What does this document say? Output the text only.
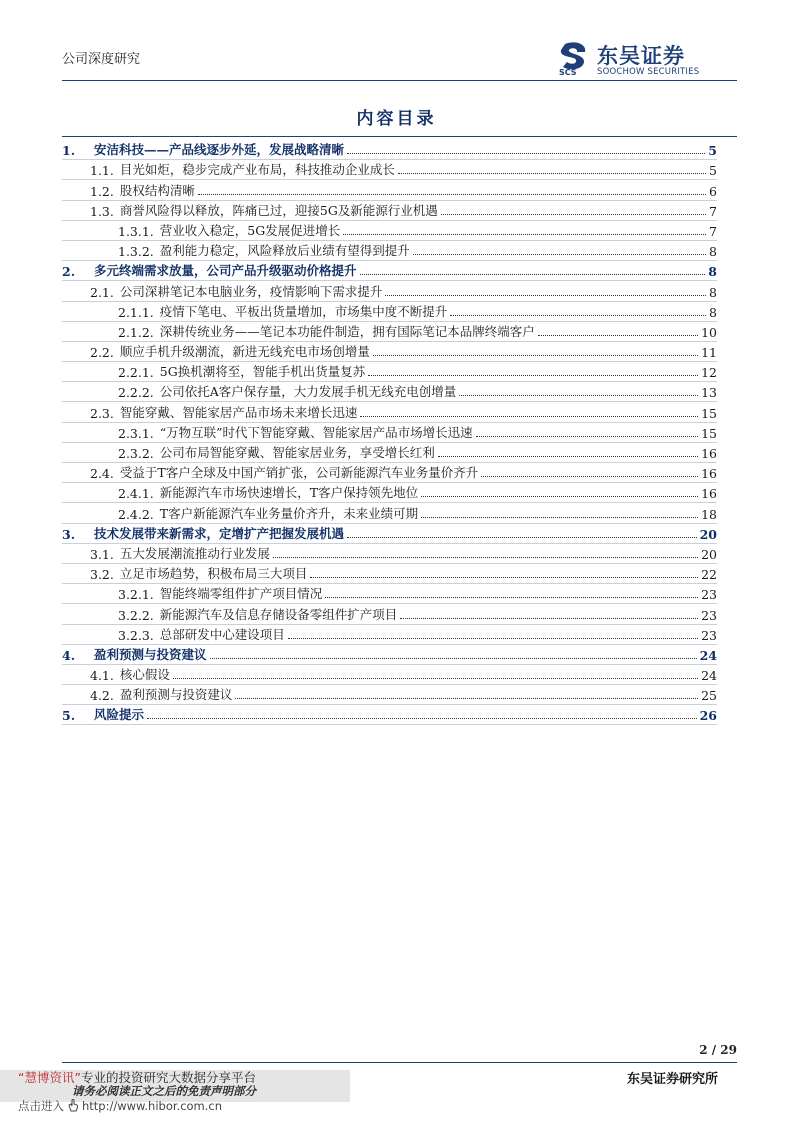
公司深度研究
SCS
东吴证券
SOOCHOW SECURITIES
内容目录
1.	安洁科技——产品线逐步外延，发展战略清晰	5
1.1. 目光如炬，稳步完成产业布局，科技推动企业成长	5
1.2. 股权结构清晰	6
1.3. 商誉风险得以释放，阵痛已过，迎接5G及新能源行业机遇	7
1.3.1. 营业收入稳定，5G发展促进增长	7
1.3.2. 盈利能力稳定，风险释放后业绩有望得到提升	8
2.	多元终端需求放量，公司产品升级驱动价格提升	8
2.1. 公司深耕笔记本电脑业务，疫情影响下需求提升	8
2.1.1. 疫情下笔电、平板出货量增加，市场集中度不断提升	8
2.1.2. 深耕传统业务——笔记本功能件制造，拥有国际笔记本品牌终端客户	10
2.2. 顺应手机升级潮流，新进无线充电市场创增量	11
2.2.1. 5G换机潮将至，智能手机出货量复苏	12
2.2.2. 公司依托A客户保存量，大力发展手机无线充电创增量	13
2.3. 智能穿戴、智能家居产品市场未来增长迅速	15
2.3.1. “万物互联”时代下智能穿戴、智能家居产品市场增长迅速	15
2.3.2. 公司布局智能穿戴、智能家居业务，享受增长红利	16
2.4. 受益于T客户全球及中国产销扩张，公司新能源汽车业务量价齐升	16
2.4.1. 新能源汽车市场快速增长，T客户保持领先地位	16
2.4.2. T客户新能源汽车业务量价齐升，未来业绩可期	18
3.	技术发展带来新需求，定增扩产把握发展机遇	20
3.1. 五大发展潮流推动行业发展	20
3.2. 立足市场趋势，积极布局三大项目	22
3.2.1. 智能终端零组件扩产项目情况	23
3.2.2. 新能源汽车及信息存储设备零组件扩产项目	23
3.2.3. 总部研发中心建设项目	23
4.	盈利预测与投资建议	24
4.1. 核心假设	24
4.2. 盈利预测与投资建议	25
5.	风险提示	26
2 / 29
东吴证券研究所
“慧博资讯”专业的投资研究大数据分享平台
请务必阅读正文之后的免责声明部分
点击进入 http://www.hibor.com.cn
